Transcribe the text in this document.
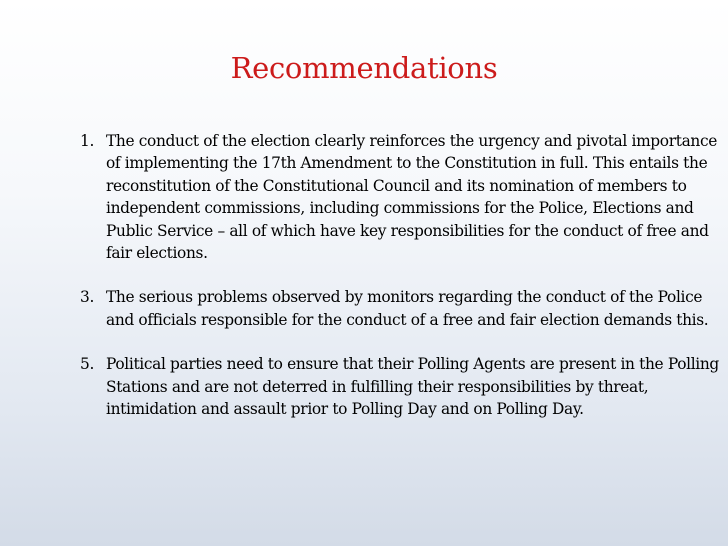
Recommendations
1. The conduct of the election clearly reinforces the urgency and pivotal importance of implementing the 17th Amendment to the Constitution in full. This entails the reconstitution of the Constitutional Council and its nomination of members to independent commissions, including commissions for the Police, Elections and Public Service – all of which have key responsibilities for the conduct of free and fair elections.
3. The serious problems observed by monitors regarding the conduct of the Police and officials responsible for the conduct of a free and fair election demands this.
5. Political parties need to ensure that their Polling Agents are present in the Polling Stations and are not deterred in fulfilling their responsibilities by threat, intimidation and assault prior to Polling Day and on Polling Day.
